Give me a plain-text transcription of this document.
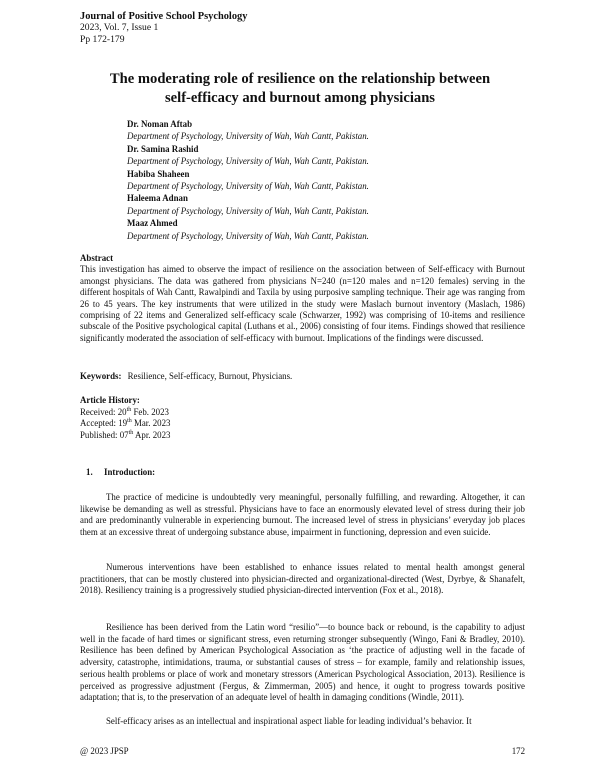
Journal of Positive School Psychology
2023, Vol. 7, Issue 1
Pp 172-179
The moderating role of resilience on the relationship between
self-efficacy and burnout among physicians
Dr. Noman Aftab
Department of Psychology, University of Wah, Wah Cantt, Pakistan.
Dr. Samina Rashid
Department of Psychology, University of Wah, Wah Cantt, Pakistan.
Habiba Shaheen
Department of Psychology, University of Wah, Wah Cantt, Pakistan.
Haleema Adnan
Department of Psychology, University of Wah, Wah Cantt, Pakistan.
Maaz Ahmed
Department of Psychology, University of Wah, Wah Cantt, Pakistan.
Abstract
This investigation has aimed to observe the impact of resilience on the association between of Self-efficacy with Burnout amongst physicians. The data was gathered from physicians N=240 (n=120 males and n=120 females) serving in the different hospitals of Wah Cantt, Rawalpindi and Taxila by using purposive sampling technique. Their age was ranging from 26 to 45 years. The key instruments that were utilized in the study were Maslach burnout inventory (Maslach, 1986) comprising of 22 items and Generalized self-efficacy scale (Schwarzer, 1992) was comprising of 10-items and resilience subscale of the Positive psychological capital (Luthans et al., 2006) consisting of four items. Findings showed that resilience significantly moderated the association of self-efficacy with burnout. Implications of the findings were discussed.
Keywords: Resilience, Self-efficacy, Burnout, Physicians.
Article History:
Received: 20th Feb. 2023
Accepted: 19th Mar. 2023
Published: 07th Apr. 2023
1. Introduction:

The practice of medicine is undoubtedly very meaningful, personally fulfilling, and rewarding. Altogether, it can likewise be demanding as well as stressful. Physicians have to face an enormously elevated level of stress during their job and are predominantly vulnerable in experiencing burnout. The increased level of stress in physicians’ everyday job places them at an excessive threat of undergoing substance abuse, impairment in functioning, depression and even suicide.

Numerous interventions have been established to enhance issues related to mental health amongst general practitioners, that can be mostly clustered into physician-directed and organizational-directed (West, Dyrbye, & Shanafelt, 2018). Resiliency training is a progressively studied physician-directed intervention (Fox et al., 2018).

Resilience has been derived from the Latin word “resilio”—to bounce back or rebound, is the capability to adjust well in the facade of hard times or significant stress, even returning stronger subsequently (Wingo, Fani & Bradley, 2010). Resilience has been defined by American Psychological Association as ‘the practice of adjusting well in the facade of adversity, catastrophe, intimidations, trauma, or substantial causes of stress – for example, family and relationship issues, serious health problems or place of work and monetary stressors (American Psychological Association, 2013). Resilience is perceived as progressive adjustment (Fergus, & Zimmerman, 2005) and hence, it ought to progress towards positive adaptation; that is, to the preservation of an adequate level of health in damaging conditions (Windle, 2011).

Self-efficacy arises as an intellectual and inspirational aspect liable for leading individual’s behavior. It

@ 2023 JPSP	172
